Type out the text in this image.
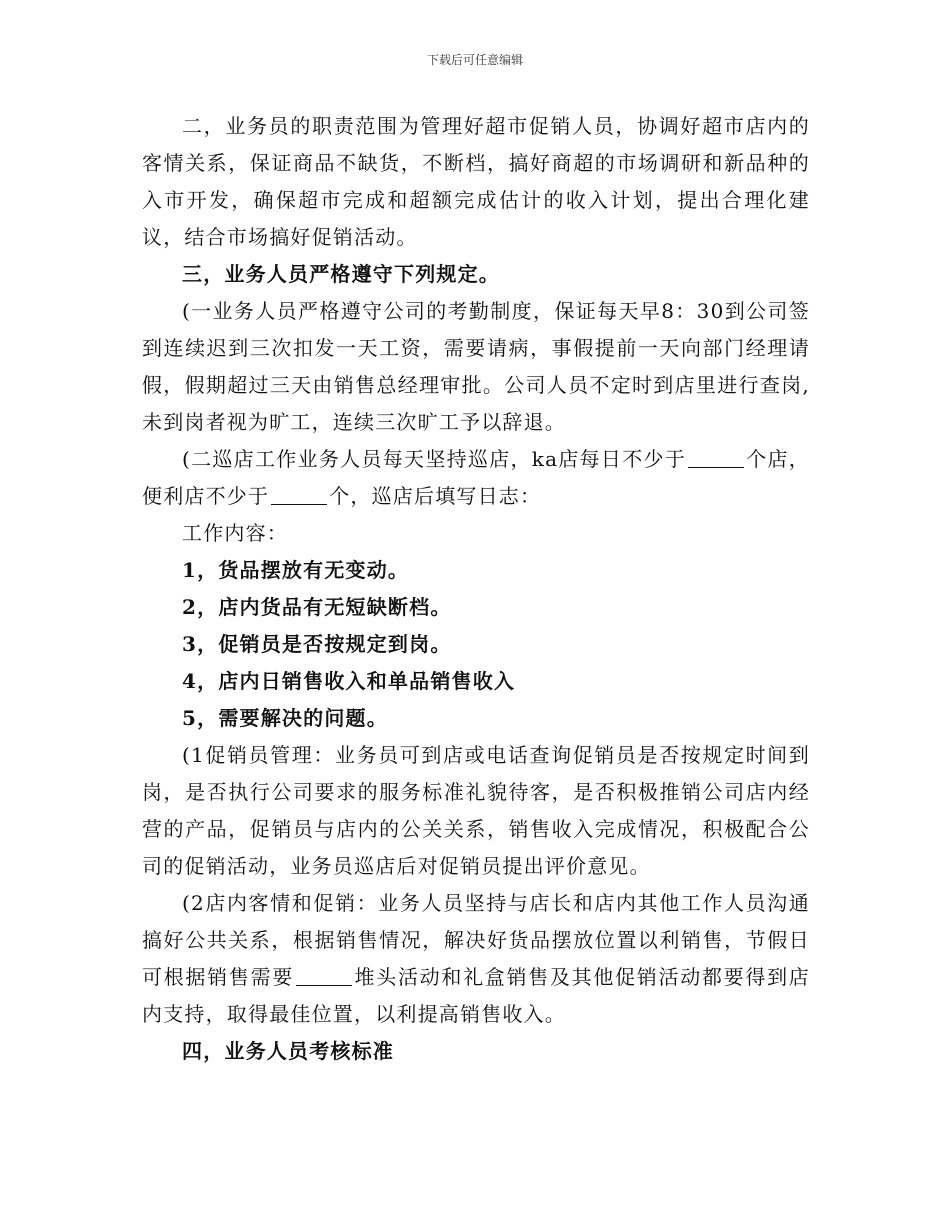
下载后可任意编辑

二，业务员的职责范围为管理好超市促销人员，协调好超市店内的客情关系，保证商品不缺货，不断档，搞好商超的市场调研和新品种的入市开发，确保超市完成和超额完成估计的收入计划，提出合理化建议，结合市场搞好促销活动。

三，业务人员严格遵守下列规定。

(一业务人员严格遵守公司的考勤制度，保证每天早8：30到公司签到连续迟到三次扣发一天工资，需要请病，事假提前一天向部门经理请假，假期超过三天由销售总经理审批。公司人员不定时到店里进行查岗,未到岗者视为旷工，连续三次旷工予以辞退。

(二巡店工作业务人员每天坚持巡店，ka店每日不少于	个店，便利店不少于	个，巡店后填写日志：

工作内容：

1，货品摆放有无变动。

2，店内货品有无短缺断档。

3，促销员是否按规定到岗。

4，店内日销售收入和单品销售收入

5，需要解决的问题。

(1促销员管理：业务员可到店或电话查询促销员是否按规定时间到岗，是否执行公司要求的服务标准礼貌待客，是否积极推销公司店内经营的产品，促销员与店内的公关关系，销售收入完成情况，积极配合公司的促销活动，业务员巡店后对促销员提出评价意见。

(2店内客情和促销：业务人员坚持与店长和店内其他工作人员沟通搞好公共关系，根据销售情况，解决好货品摆放位置以利销售，节假日可根据销售需要	堆头活动和礼盒销售及其他促销活动都要得到店内支持，取得最佳位置，以利提高销售收入。

四，业务人员考核标准
